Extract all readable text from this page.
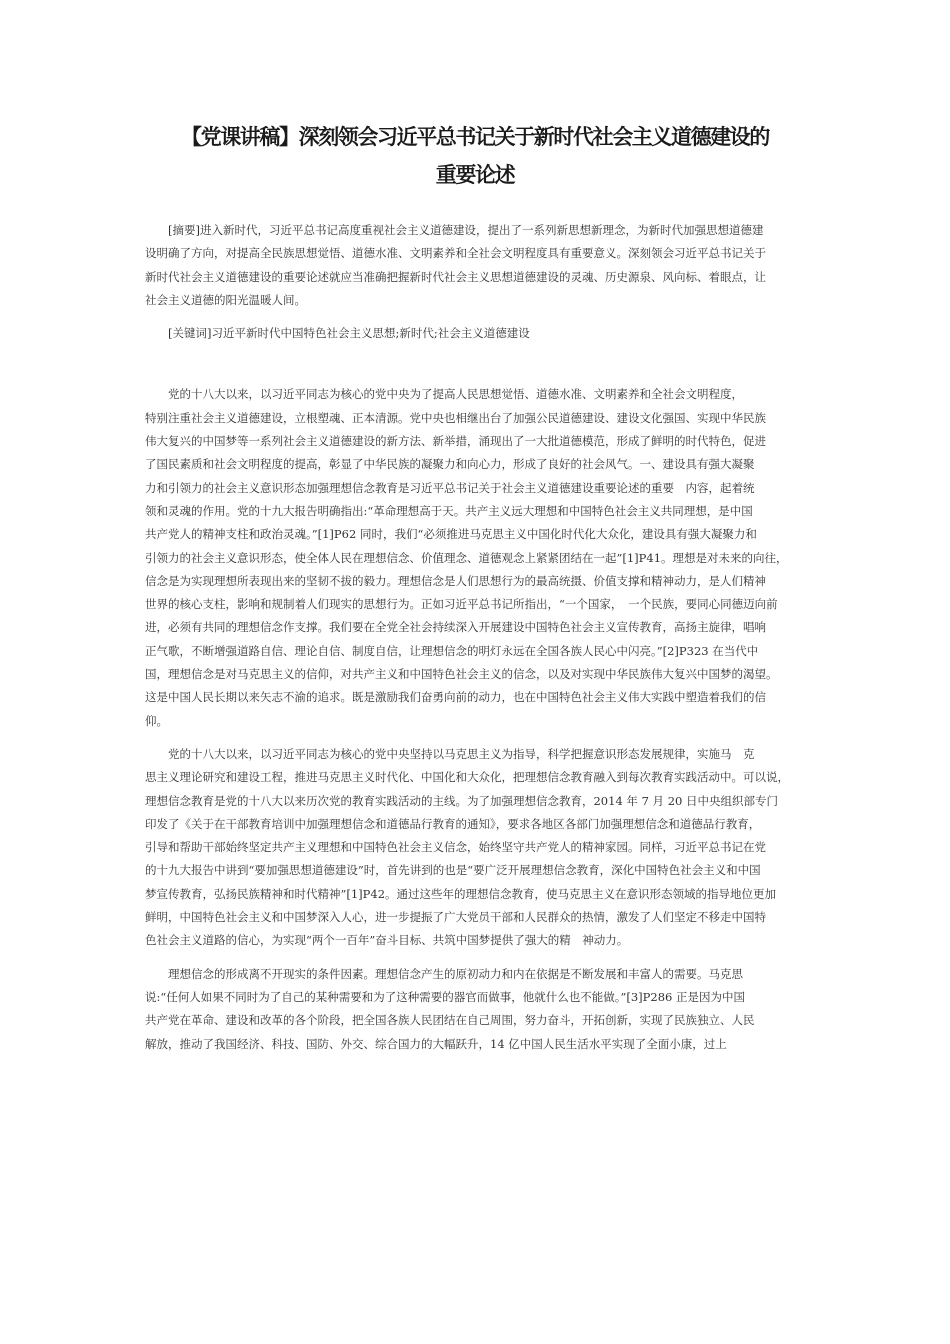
【党课讲稿】深刻领会习近平总书记关于新时代社会主义道德建设的
重要论述

　　[摘要]进入新时代，习近平总书记高度重视社会主义道德建设，提出了一系列新思想新理念，为新时代加强思想道德建
设明确了方向，对提高全民族思想觉悟、道德水准、文明素养和全社会文明程度具有重要意义。深刻领会习近平总书记关于
新时代社会主义道德建设的重要论述就应当准确把握新时代社会主义思想道德建设的灵魂、历史源泉、风向标、着眼点，让
社会主义道德的阳光温暖人间。

　　[关键词]习近平新时代中国特色社会主义思想;新时代;社会主义道德建设

　　党的十八大以来，以习近平同志为核心的党中央为了提高人民思想觉悟、道德水准、文明素养和全社会文明程度，
特别注重社会主义道德建设，立根塑魂、正本清源。党中央也相继出台了加强公民道德建设、建设文化强国、实现中华民族
伟大复兴的中国梦等一系列社会主义道德建设的新方法、新举措，涌现出了一大批道德模范，形成了鲜明的时代特色，促进
了国民素质和社会文明程度的提高，彰显了中华民族的凝聚力和向心力，形成了良好的社会风气。一、建设具有强大凝聚
力和引领力的社会主义意识形态加强理想信念教育是习近平总书记关于社会主义道德建设重要论述的重要　内容，起着统
领和灵魂的作用。党的十九大报告明确指出:“革命理想高于天。共产主义远大理想和中国特色社会主义共同理想，是中国
共产党人的精神支柱和政治灵魂。”[1]P62 同时，我们“必须推进马克思主义中国化时代化大众化，建设具有强大凝聚力和
引领力的社会主义意识形态，使全体人民在理想信念、价值理念、道德观念上紧紧团结在一起”[1]P41。理想是对未来的向往，
信念是为实现理想所表现出来的坚韧不拔的毅力。理想信念是人们思想行为的最高统摄、价值支撑和精神动力，是人们精神
世界的核心支柱，影响和规制着人们现实的思想行为。正如习近平总书记所指出，“一个国家，　一个民族，要同心同德迈向前
进，必须有共同的理想信念作支撑。我们要在全党全社会持续深入开展建设中国特色社会主义宣传教育，高扬主旋律，唱响
正气歌，不断增强道路自信、理论自信、制度自信，让理想信念的明灯永远在全国各族人民心中闪亮。”[2]P323 在当代中
国，理想信念是对马克思主义的信仰，对共产主义和中国特色社会主义的信念，以及对实现中华民族伟大复兴中国梦的渴望。
这是中国人民长期以来矢志不渝的追求。既是激励我们奋勇向前的动力，也在中国特色社会主义伟大实践中塑造着我们的信
仰。

　　党的十八大以来，以习近平同志为核心的党中央坚持以马克思主义为指导，科学把握意识形态发展规律，实施马　克
思主义理论研究和建设工程，推进马克思主义时代化、中国化和大众化，把理想信念教育融入到每次教育实践活动中。可以说，
理想信念教育是党的十八大以来历次党的教育实践活动的主线。为了加强理想信念教育，2014 年 7 月 20 日中央组织部专门
印发了《关于在干部教育培训中加强理想信念和道德品行教育的通知》，要求各地区各部门加强理想信念和道德品行教育，
引导和帮助干部始终坚定共产主义理想和中国特色社会主义信念，始终坚守共产党人的精神家园。同样，习近平总书记在党
的十九大报告中讲到“要加强思想道德建设”时，首先讲到的也是“要广泛开展理想信念教育，深化中国特色社会主义和中国
梦宣传教育，弘扬民族精神和时代精神”[1]P42。通过这些年的理想信念教育，使马克思主义在意识形态领域的指导地位更加
鲜明，中国特色社会主义和中国梦深入人心，进一步提振了广大党员干部和人民群众的热情，激发了人们坚定不移走中国特
色社会主义道路的信心，为实现“两个一百年”奋斗目标、共筑中国梦提供了强大的精　神动力。

　　理想信念的形成离不开现实的条件因素。理想信念产生的原初动力和内在依据是不断发展和丰富人的需要。马克思
说:“任何人如果不同时为了自己的某种需要和为了这种需要的器官而做事，他就什么也不能做。”[3]P286 正是因为中国
共产党在革命、建设和改革的各个阶段，把全国各族人民团结在自己周围，努力奋斗，开拓创新，实现了民族独立、人民
解放，推动了我国经济、科技、国防、外交、综合国力的大幅跃升，14 亿中国人民生活水平实现了全面小康，过上
